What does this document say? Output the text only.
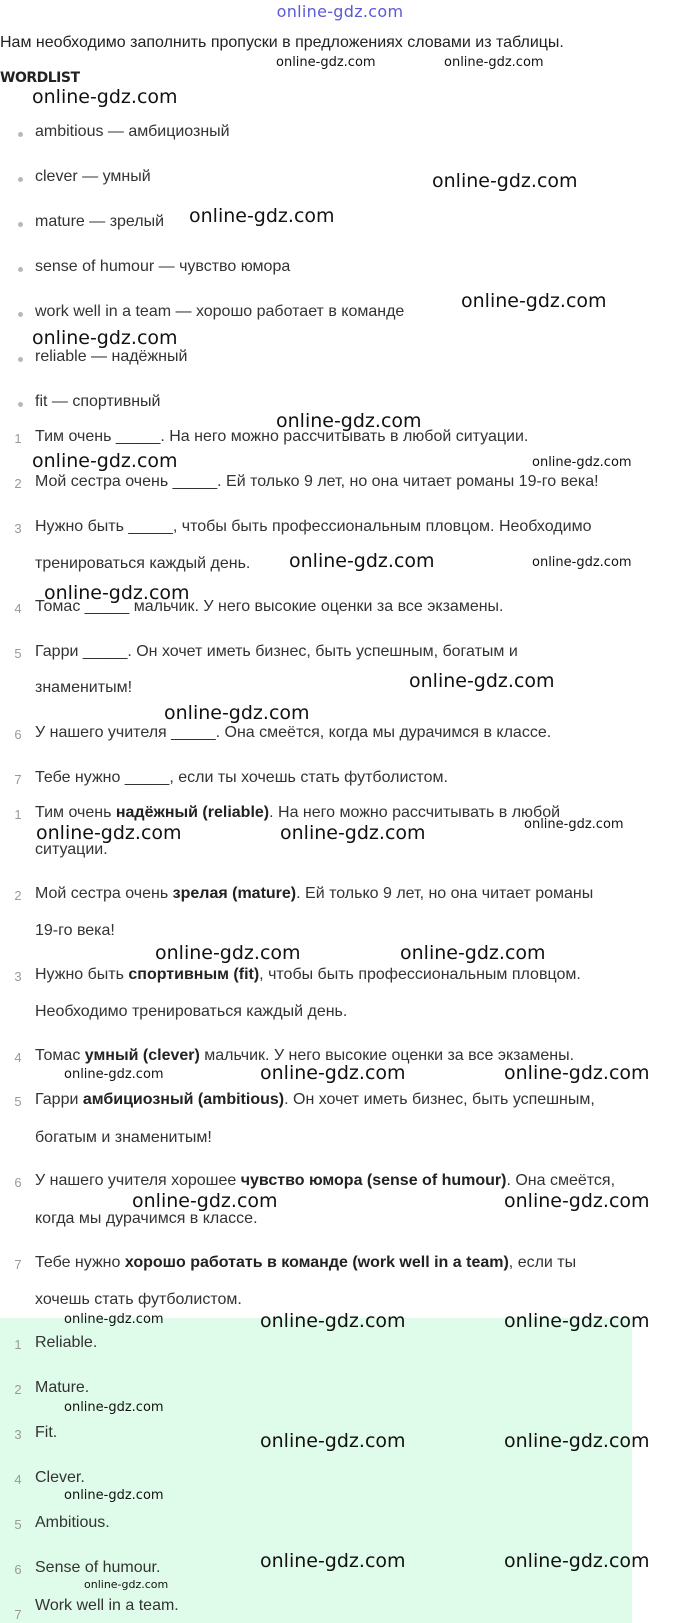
online-gdz.com
Нам необходимо заполнить пропуски в предложениях словами из таблицы.
WORDLIST
ambitious — амбициозный
clever — умный
mature — зрелый
sense of humour — чувство юмора
work well in a team — хорошо работает в команде
reliable — надёжный
fit — спортивный
1 Тим очень _____. На него можно рассчитывать в любой ситуации.
2 Мой сестра очень _____. Ей только 9 лет, но она читает романы 19-го века!
3 Нужно быть _____, чтобы быть профессиональным пловцом. Необходимо
тренироваться каждый день.
4 Томас _____ мальчик. У него высокие оценки за все экзамены.
5 Гарри _____. Он хочет иметь бизнес, быть успешным, богатым и
знаменитым!
6 У нашего учителя _____. Она смеётся, когда мы дурачимся в классе.
7 Тебе нужно _____, если ты хочешь стать футболистом.
1 Тим очень надёжный (reliable). На него можно рассчитывать в любой
ситуации.
2 Мой сестра очень зрелая (mature). Ей только 9 лет, но она читает романы
19-го века!
3 Нужно быть спортивным (fit), чтобы быть профессиональным пловцом.
Необходимо тренироваться каждый день.
4 Томас умный (clever) мальчик. У него высокие оценки за все экзамены.
5 Гарри амбициозный (ambitious). Он хочет иметь бизнес, быть успешным,
богатым и знаменитым!
6 У нашего учителя хорошее чувство юмора (sense of humour). Она смеётся,
когда мы дурачимся в классе.
7 Тебе нужно хорошо работать в команде (work well in a team), если ты
хочешь стать футболистом.
1 Reliable.
2 Mature.
3 Fit.
4 Clever.
5 Ambitious.
6 Sense of humour.
7
Work well in a team.
online-gdz.com	online-gdz.com
online-gdz.com
online-gdz.com
online-gdz.com
online-gdz.com
online-gdz.com
online-gdz.com
online-gdz.com	online-gdz.com
online-gdz.com	online-gdz.com
online-gdz.com
online-gdz.com
online-gdz.com
online-gdz.com
online-gdz.com	online-gdz.com
online-gdz.com	online-gdz.com
online-gdz.com	online-gdz.com	online-gdz.com
online-gdz.com	online-gdz.com
online-gdz.com	online-gdz.com	online-gdz.com
online-gdz.com
online-gdz.com	online-gdz.com
online-gdz.com
online-gdz.com	online-gdz.com
online-gdz.com
